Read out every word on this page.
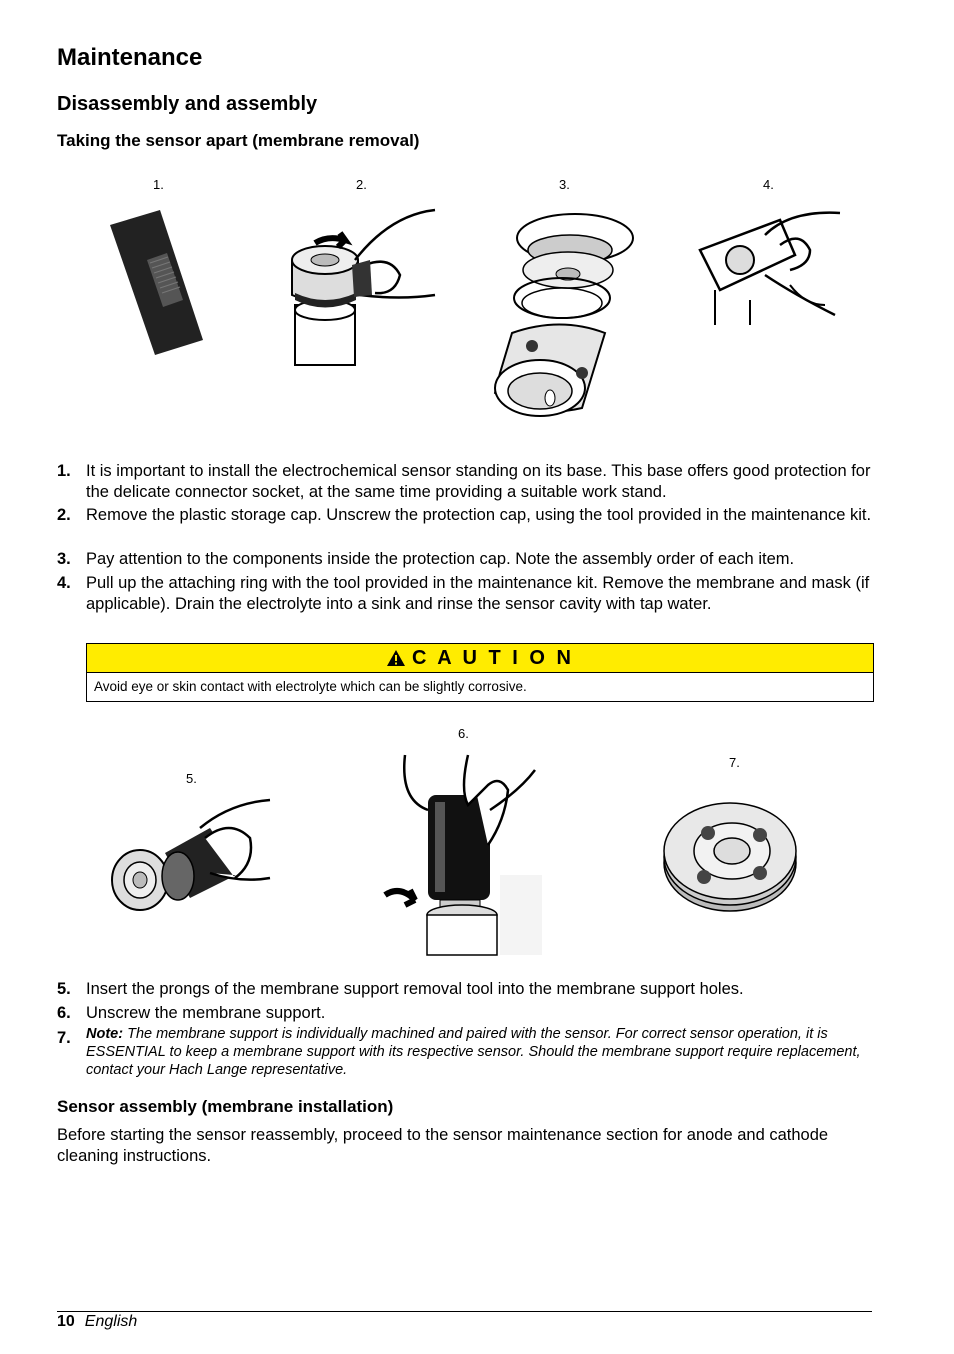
Maintenance
Disassembly and assembly
Taking the sensor apart (membrane removal)
1.	2.	3.	4.
1. It is important to install the electrochemical sensor standing on its base. This base offers good protection for the delicate connector socket, at the same time providing a suitable work stand.
2. Remove the plastic storage cap. Unscrew the protection cap, using the tool provided in the maintenance kit.
3. Pay attention to the components inside the protection cap. Note the assembly order of each item.
4. Pull up the attaching ring with the tool provided in the maintenance kit. Remove the membrane and mask (if applicable). Drain the electrolyte into a sink and rinse the sensor cavity with tap water.
C A U T I O N
Avoid eye or skin contact with electrolyte which can be slightly corrosive.
5.
6.
7.
5. Insert the prongs of the membrane support removal tool into the membrane support holes.
6. Unscrew the membrane support.
7. Note: The membrane support is individually machined and paired with the sensor. For correct sensor operation, it is ESSENTIAL to keep a membrane support with its respective sensor. Should the membrane support require replacement, contact your Hach Lange representative.
Sensor assembly (membrane installation)
Before starting the sensor reassembly, proceed to the sensor maintenance section for anode and cathode cleaning instructions.
10 English
